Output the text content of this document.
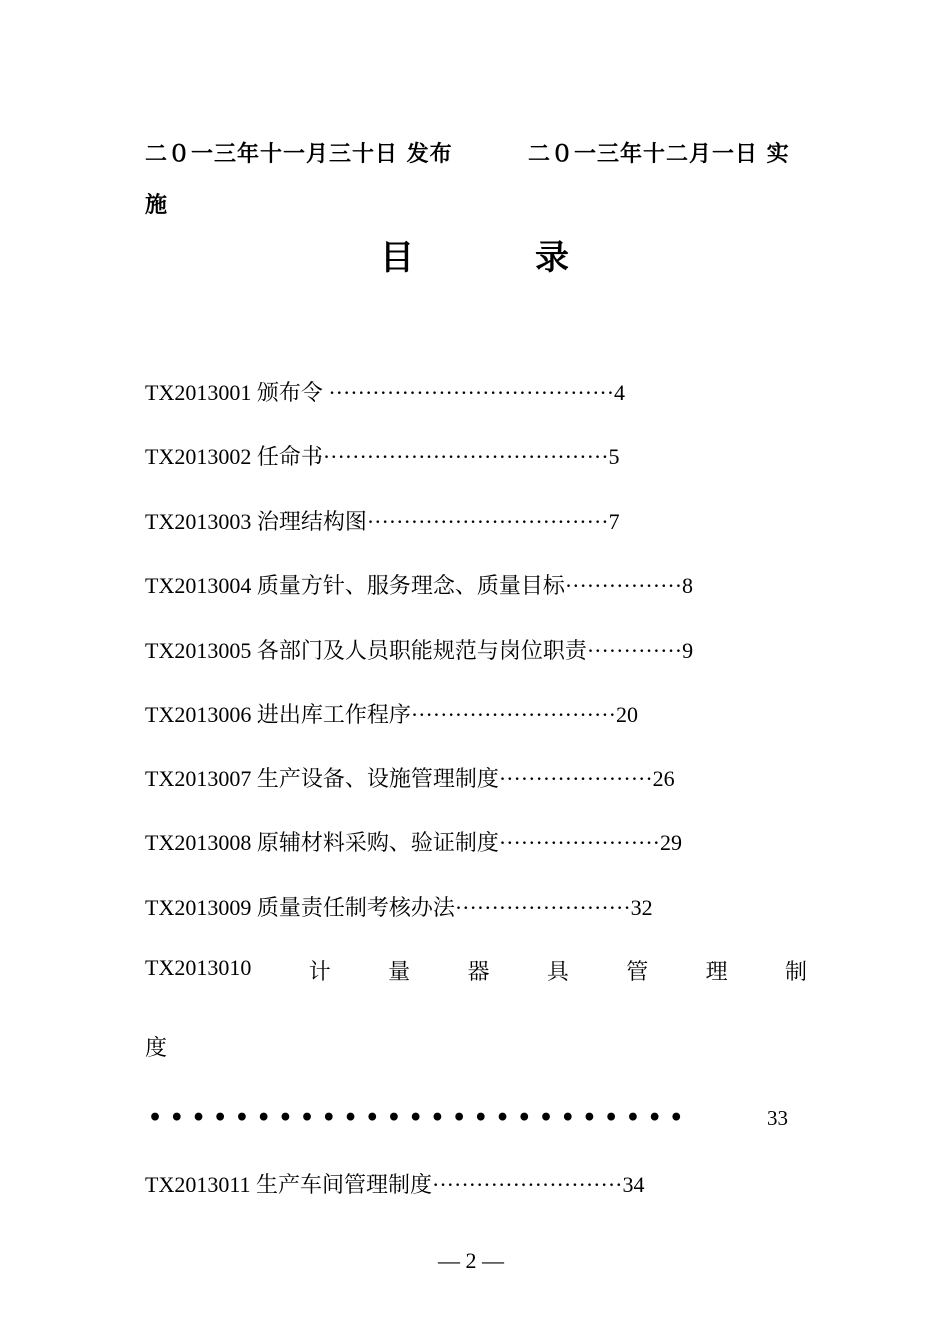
二０一三年十一月三十日 发布	二０一三年十二月一日 实
施
目	录
TX2013001 颁布令 ·······································4
TX2013002 任命书·······································5
TX2013003 治理结构图·································7
TX2013004 质量方针、服务理念、质量目标················8
TX2013005 各部门及人员职能规范与岗位职责·············9
TX2013006 进出库工作程序····························20
TX2013007 生产设备、设施管理制度·····················26
TX2013008 原辅材料采购、验证制度······················29
TX2013009 质量责任制考核办法························32
TX2013010	计	量	器	具	管	理	制
度
• • • • • • • • • • • • • • • • • • • • • • • • •	33
TX2013011 生产车间管理制度··························34
— 2 —
